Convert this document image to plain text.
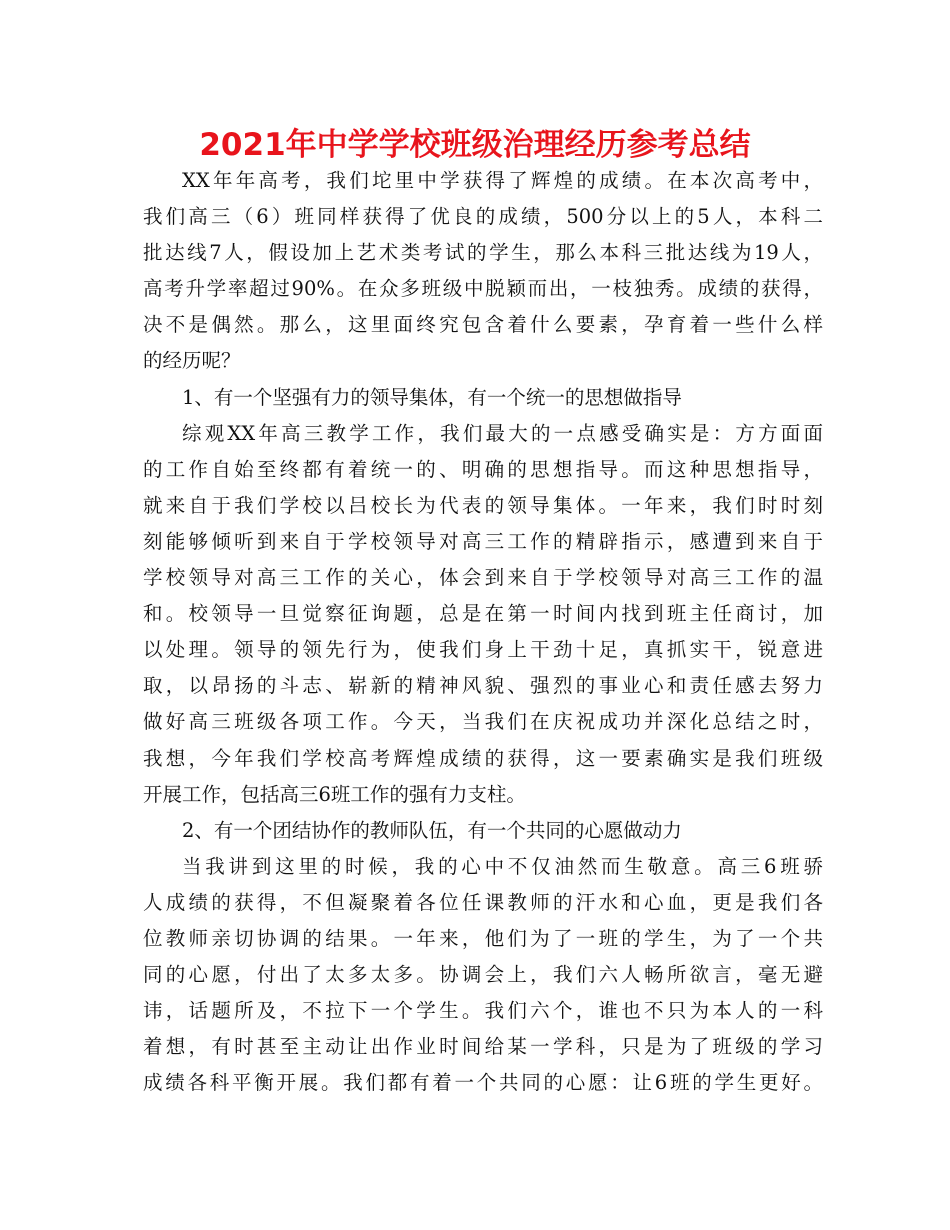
2021年中学学校班级治理经历参考总结
XX年年高考，我们坨里中学获得了辉煌的成绩。在本次高考中，
我们高三（6）班同样获得了优良的成绩，500分以上的5人，本科二
批达线7人，假设加上艺术类考试的学生，那么本科三批达线为19人，
高考升学率超过90%。在众多班级中脱颖而出，一枝独秀。成绩的获得，
决不是偶然。那么，这里面终究包含着什么要素，孕育着一些什么样
的经历呢？
1、有一个坚强有力的领导集体，有一个统一的思想做指导
综观XX年高三教学工作，我们最大的一点感受确实是：方方面面
的工作自始至终都有着统一的、明确的思想指导。而这种思想指导，
就来自于我们学校以吕校长为代表的领导集体。一年来，我们时时刻
刻能够倾听到来自于学校领导对高三工作的精辟指示，感遭到来自于
学校领导对高三工作的关心，体会到来自于学校领导对高三工作的温
和。校领导一旦觉察征询题，总是在第一时间内找到班主任商讨，加
以处理。领导的领先行为，使我们身上干劲十足，真抓实干，锐意进
取，以昂扬的斗志、崭新的精神风貌、强烈的事业心和责任感去努力
做好高三班级各项工作。今天，当我们在庆祝成功并深化总结之时，
我想，今年我们学校高考辉煌成绩的获得，这一要素确实是我们班级
开展工作，包括高三6班工作的强有力支柱。
2、有一个团结协作的教师队伍，有一个共同的心愿做动力
当我讲到这里的时候，我的心中不仅油然而生敬意。高三6班骄
人成绩的获得，不但凝聚着各位任课教师的汗水和心血，更是我们各
位教师亲切协调的结果。一年来，他们为了一班的学生，为了一个共
同的心愿，付出了太多太多。协调会上，我们六人畅所欲言，毫无避
讳，话题所及，不拉下一个学生。我们六个，谁也不只为本人的一科
着想，有时甚至主动让出作业时间给某一学科，只是为了班级的学习
成绩各科平衡开展。我们都有着一个共同的心愿：让6班的学生更好。
